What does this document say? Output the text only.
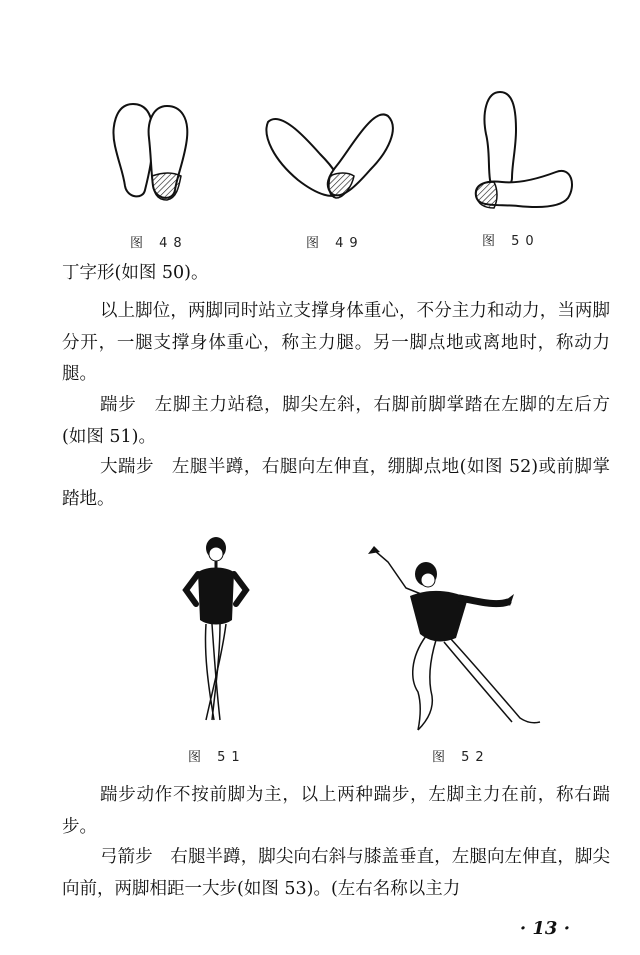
图 48	图 49	图 50

丁字形(如图 50)。

以上脚位，两脚同时站立支撑身体重心，不分主力和动力，当两脚分开，一腿支撑身体重心，称主力腿。另一脚点地或离地时，称动力腿。

踹步　左脚主力站稳，脚尖左斜，右脚前脚掌踏在左脚的左后方(如图 51)。

大踹步　左腿半蹲，右腿向左伸直，绷脚点地(如图 52)或前脚掌踏地。

图 51	图 52

踹步动作不按前脚为主，以上两种踹步，左脚主力在前，称右踹步。

弓箭步　右腿半蹲，脚尖向右斜与膝盖垂直，左腿向左伸直，脚尖向前，两脚相距一大步(如图 53)。(左右名称以主力

· 13 ·
